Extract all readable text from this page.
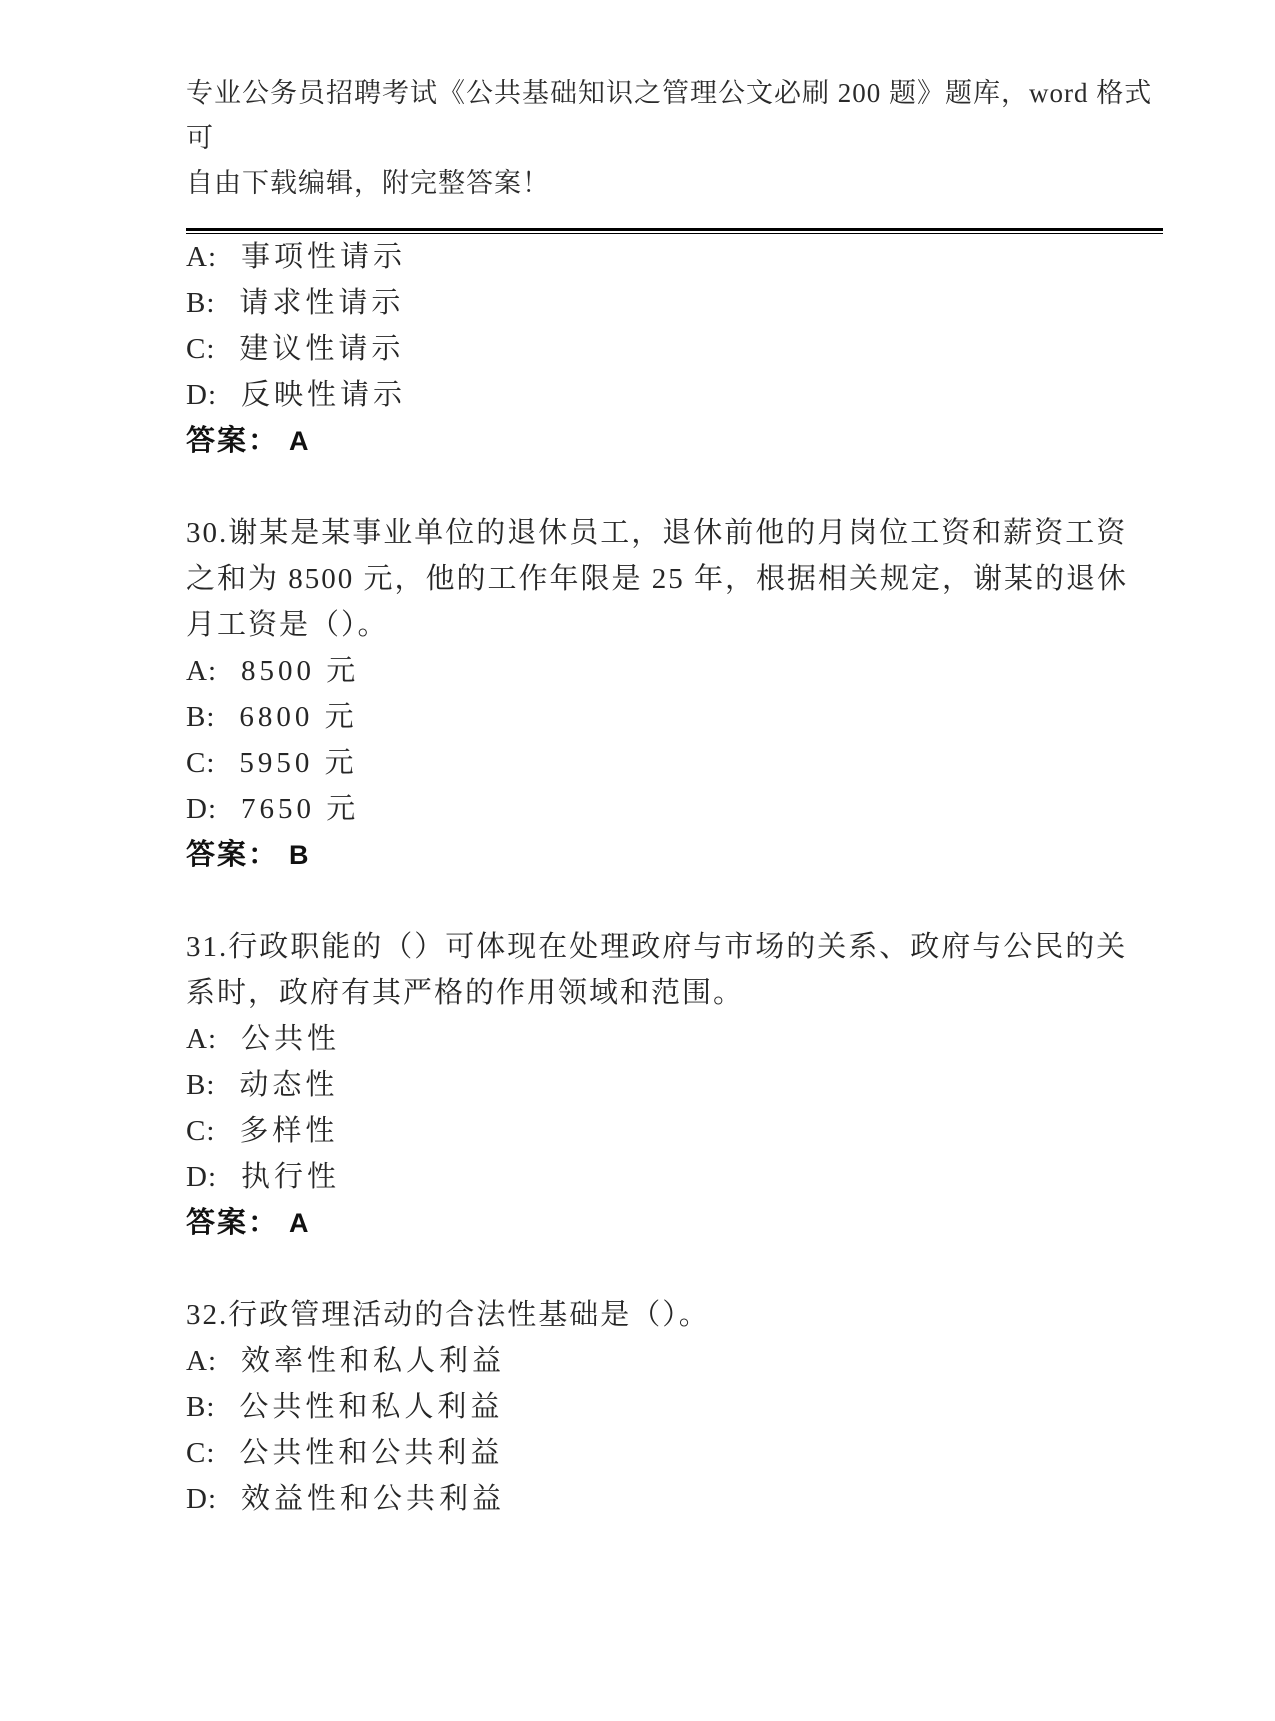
专业公务员招聘考试《公共基础知识之管理公文必刷 200 题》题库，word 格式可
自由下载编辑，附完整答案！
A: 事项性请示
B: 请求性请示
C: 建议性请示
D: 反映性请示
答案： A
30.谢某是某事业单位的退休员工，退休前他的月岗位工资和薪资工资
之和为 8500 元，他的工作年限是 25 年，根据相关规定，谢某的退休
月工资是（）。
A: 8500 元
B: 6800 元
C: 5950 元
D: 7650 元
答案： B
31.行政职能的（）可体现在处理政府与市场的关系、政府与公民的关
系时，政府有其严格的作用领域和范围。
A: 公共性
B: 动态性
C: 多样性
D: 执行性
答案： A
32.行政管理活动的合法性基础是（）。
A: 效率性和私人利益
B: 公共性和私人利益
C: 公共性和公共利益
D: 效益性和公共利益
